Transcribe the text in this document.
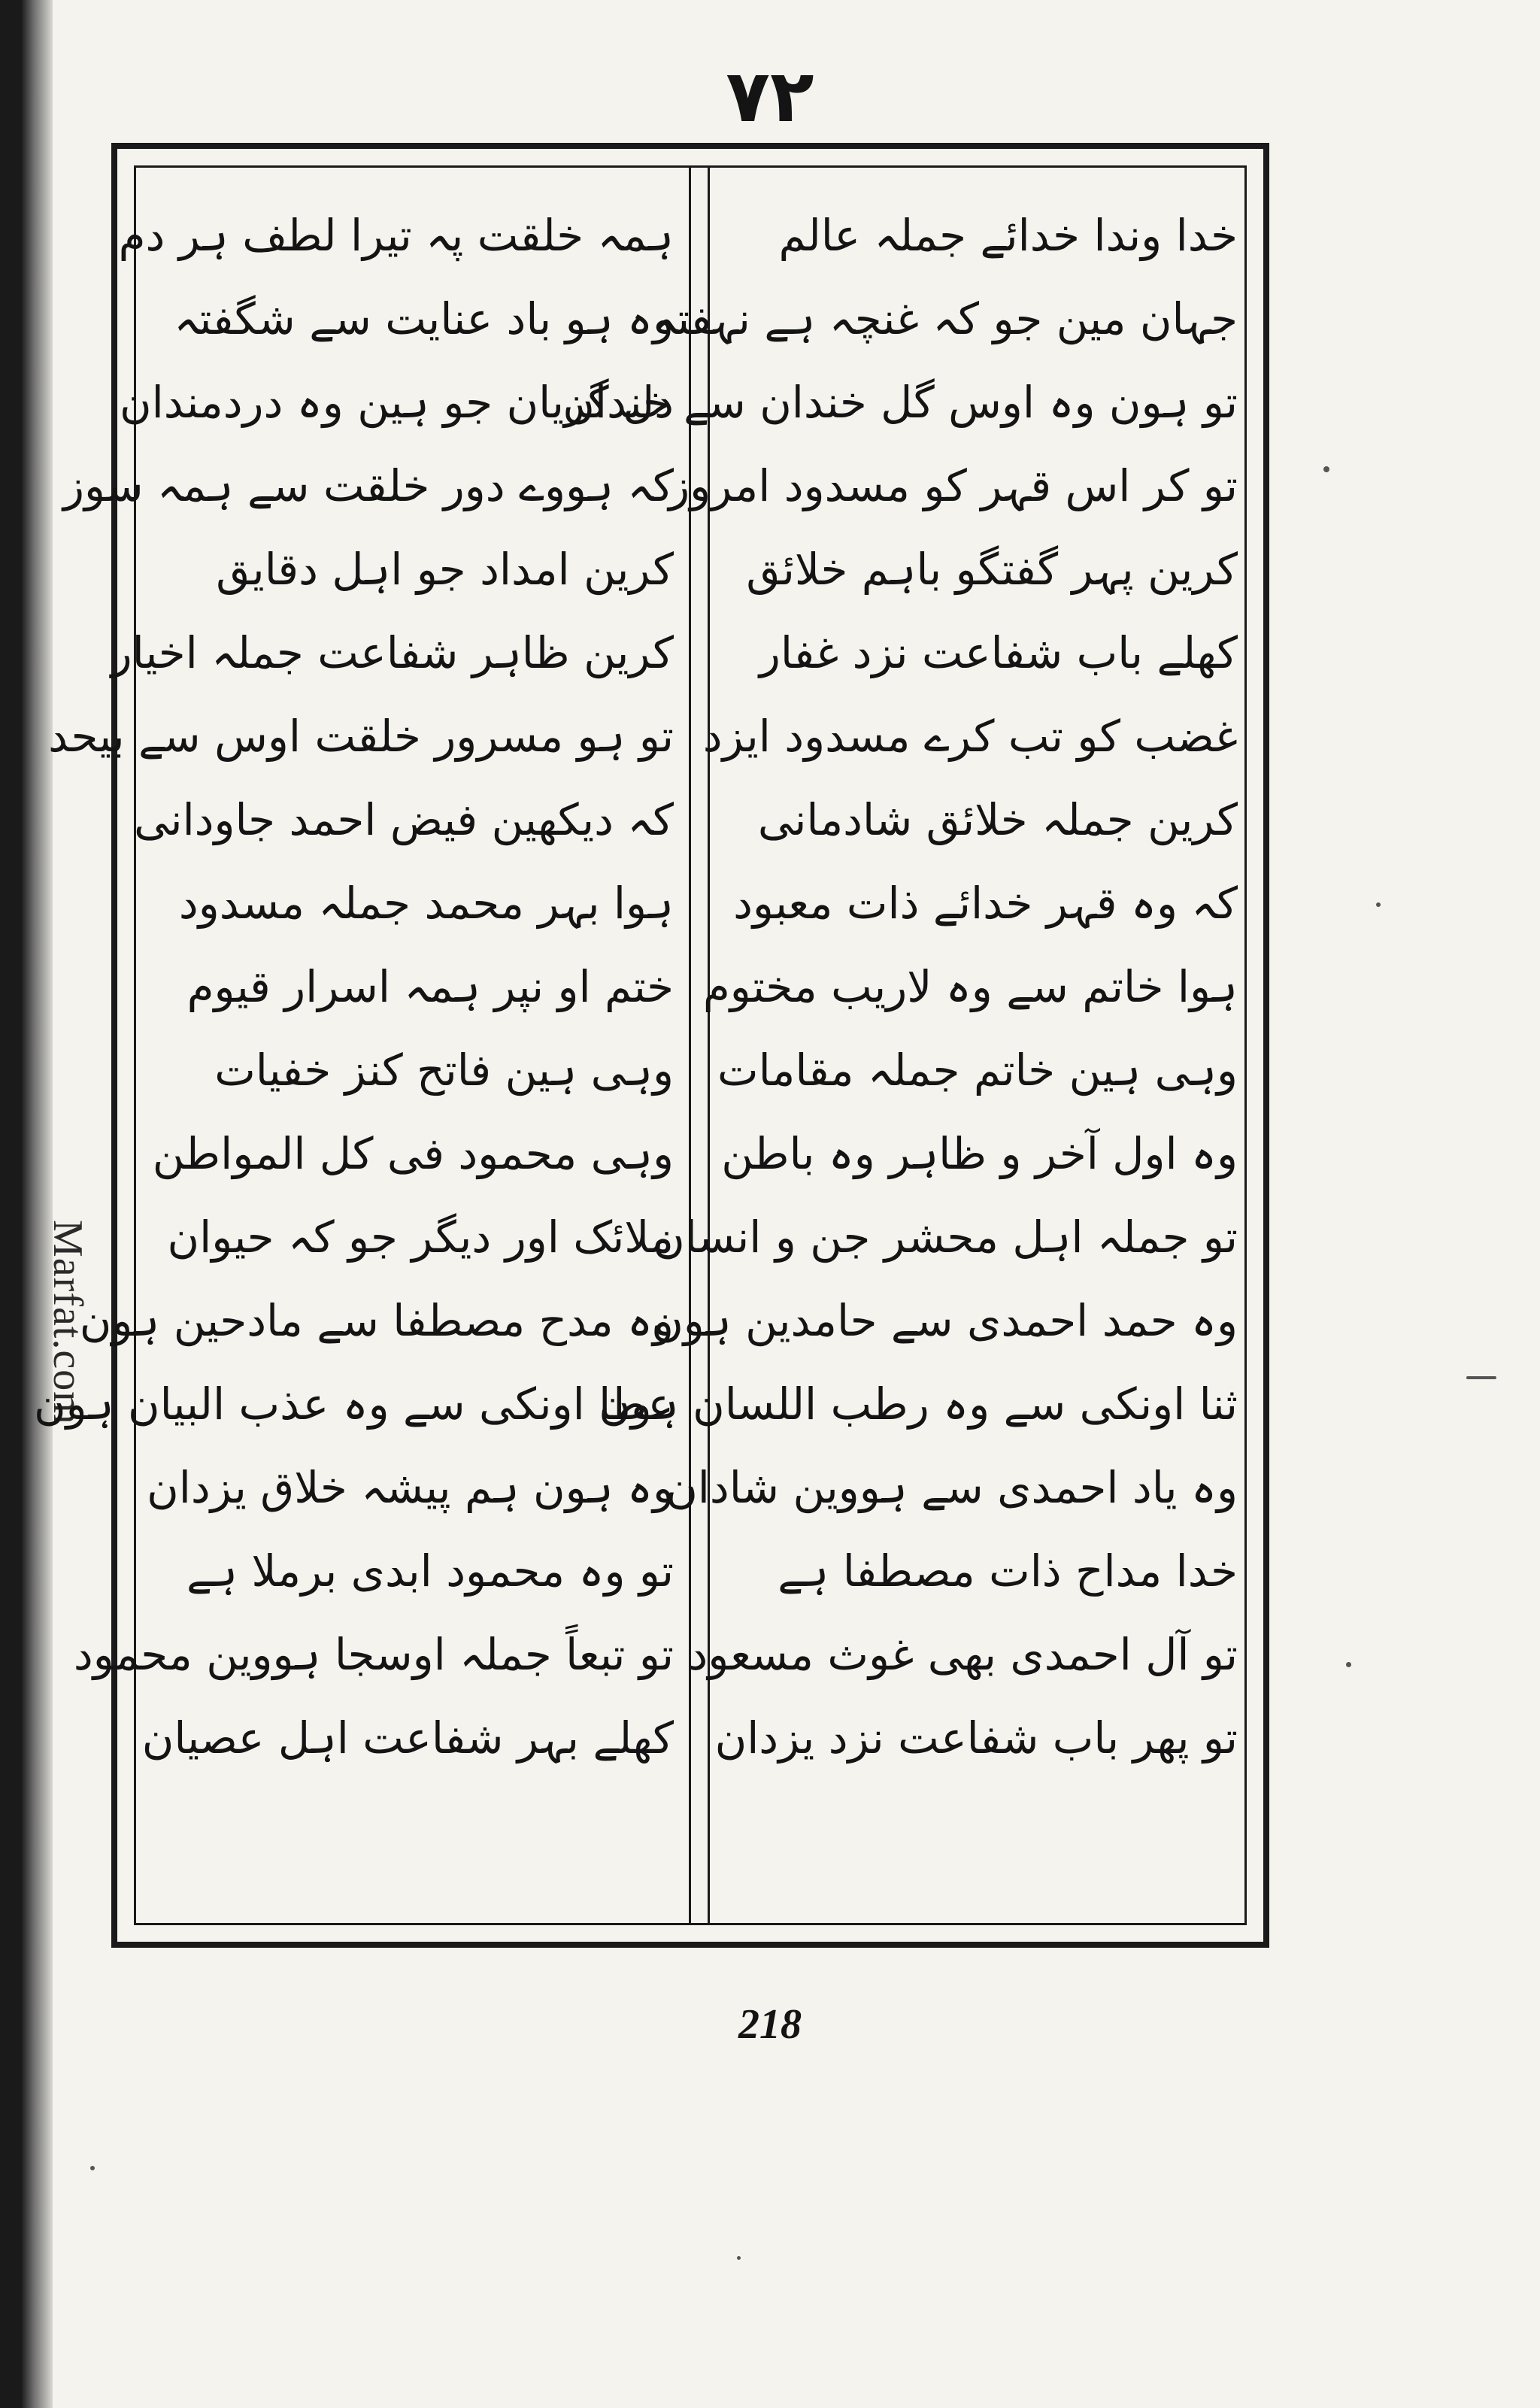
Marfat.com
۷۲
خدا وندا خدائے جملہ عالم
جہان مین جو کہ غنچہ ہے نہفتہ
تو ہون وہ اوس گل خندان سے خندان
تو کر اس قہر کو مسدود امروز
کرین پہر گفتگو باہم خلائق
کھلے باب شفاعت نزد غفار
غضب کو تب کرے مسدود ایزد
کرین جملہ خلائق شادمانی
کہ وہ قہر خدائے ذات معبود
ہوا خاتم سے وہ لاریب مختوم
وہی ہین خاتم جملہ مقامات
وہ اول آخر و ظاہر وہ باطن
تو جملہ اہل محشر جن و انسان
وہ حمد احمدی سے حامدین ہون
ثنا اونکی سے وہ رطب اللسان ہون
وہ یاد احمدی سے ہووین شادان
خدا مداح ذات مصطفا ہے
تو آل احمدی بھی غوث مسعود
تو پھر باب شفاعت نزد یزدان
ہمہ خلقت پہ تیرا لطف ہر دم
وہ ہو باد عنایت سے شگفتہ
دل گریان جو ہین وہ دردمندان
کہ ہووے دور خلقت سے ہمہ سوز
کرین امداد جو اہل دقایق
کرین ظاہر شفاعت جملہ اخیار
تو ہو مسرور خلقت اوس سے بیحد
کہ دیکھین فیض احمد جاودانی
ہوا بہر محمد جملہ مسدود
ختم او نپر ہمہ اسرار قیوم
وہی ہین فاتح کنز خفیات
وہی محمود فی کل المواطن
ملائک اور دیگر جو کہ حیوان
وہ مدح مصطفا سے مادحین ہون
عطا اونکی سے وہ عذب البیان ہون
وہ ہون ہم پیشہ خلاق یزدان
تو وہ محمود ابدی برملا ہے
تو تبعاً جملہ اوسجا ہووین محمود
کھلے بہر شفاعت اہل عصیان
218
